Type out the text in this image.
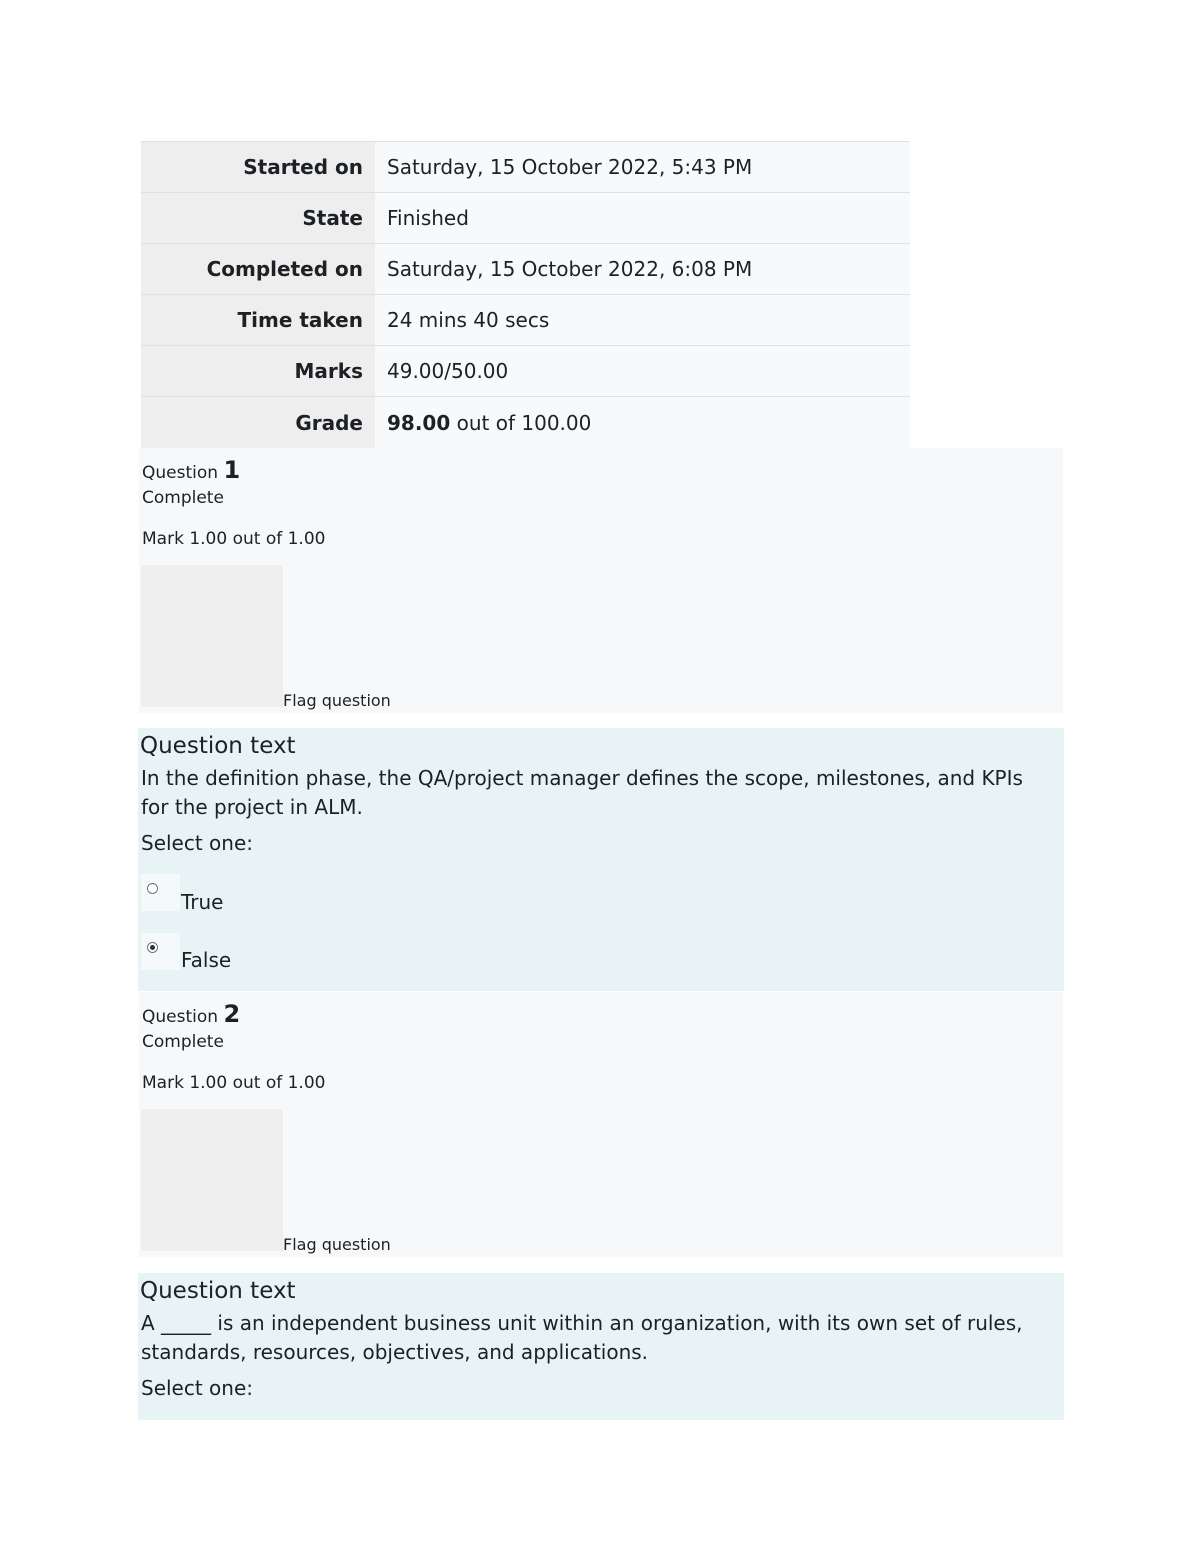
Started on	Saturday, 15 October 2022, 5:43 PM
State	Finished
Completed on	Saturday, 15 October 2022, 6:08 PM
Time taken	24 mins 40 secs
Marks	49.00/50.00
Grade	98.00 out of 100.00
Question 1
Complete
Mark 1.00 out of 1.00
Flag question
Question text
In the definition phase, the QA/project manager defines the scope, milestones, and KPIs for the project in ALM.
Select one:
True
False
Question 2
Complete
Mark 1.00 out of 1.00
Flag question
Question text
A _____ is an independent business unit within an organization, with its own set of rules, standards, resources, objectives, and applications.
Select one:
